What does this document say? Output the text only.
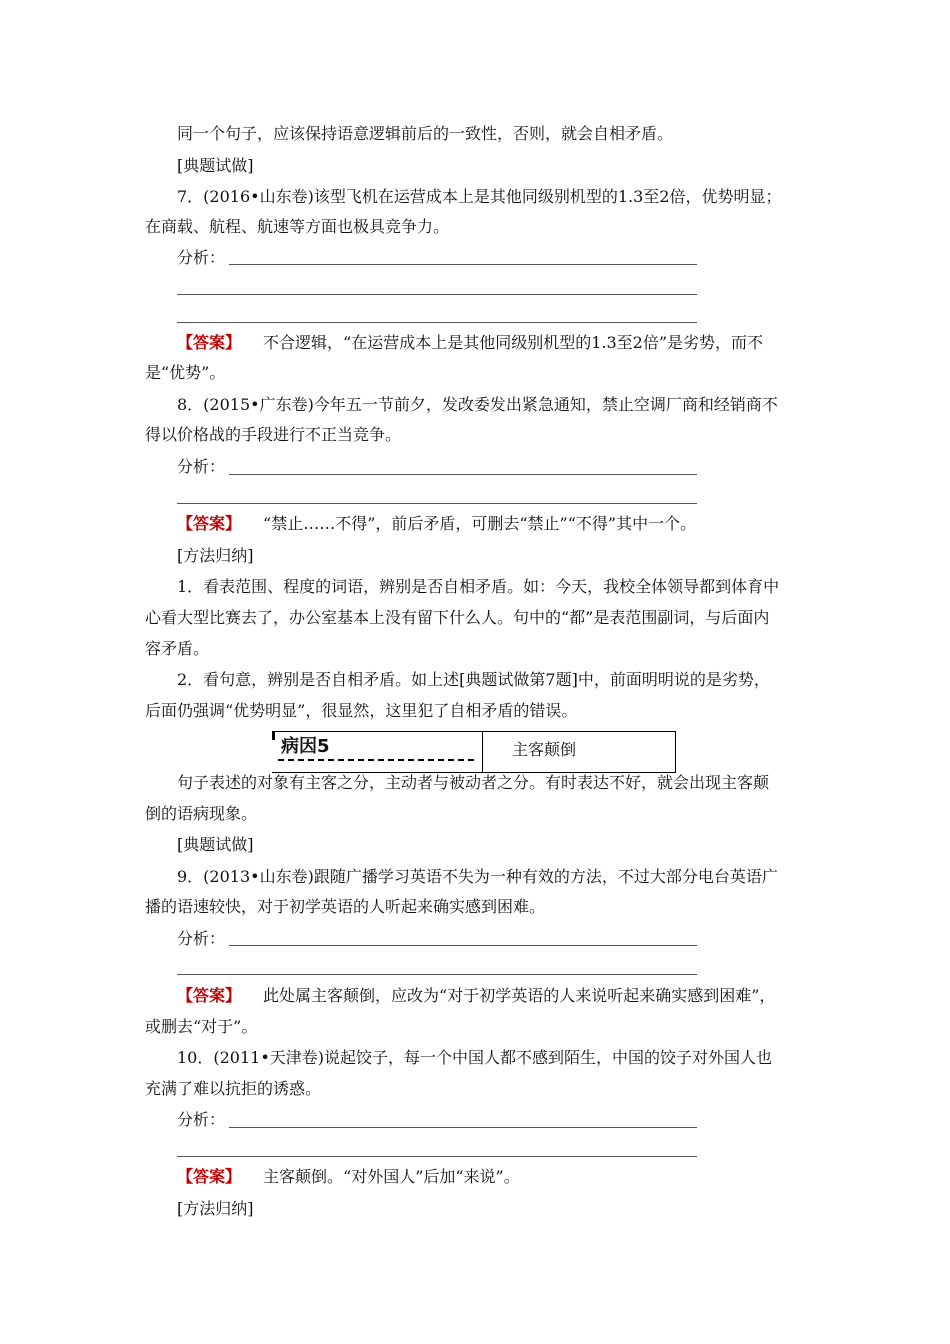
同一个句子，应该保持语意逻辑前后的一致性，否则，就会自相矛盾。
[典题试做]
7．(2016•山东卷)该型飞机在运营成本上是其他同级别机型的1.3至2倍，优势明显；
在商载、航程、航速等方面也极具竞争力。
分析：
【答案】 不合逻辑，“在运营成本上是其他同级别机型的1.3至2倍”是劣势，而不
是“优势”。
8．(2015•广东卷)今年五一节前夕，发改委发出紧急通知，禁止空调厂商和经销商不
得以价格战的手段进行不正当竞争。
分析：
【答案】 “禁止……不得”，前后矛盾，可删去“禁止”“不得”其中一个。
[方法归纳]
1．看表范围、程度的词语，辨别是否自相矛盾。如：今天，我校全体领导都到体育中
心看大型比赛去了，办公室基本上没有留下什么人。句中的“都”是表范围副词，与后面内
容矛盾。
2．看句意，辨别是否自相矛盾。如上述[典题试做第7题]中，前面明明说的是劣势，
后面仍强调“优势明显”，很显然，这里犯了自相矛盾的错误。
病因5	主客颠倒
句子表述的对象有主客之分，主动者与被动者之分。有时表达不好，就会出现主客颠
倒的语病现象。
[典题试做]
9．(2013•山东卷)跟随广播学习英语不失为一种有效的方法，不过大部分电台英语广
播的语速较快，对于初学英语的人听起来确实感到困难。
分析：
【答案】 此处属主客颠倒，应改为“对于初学英语的人来说听起来确实感到困难”，
或删去“对于”。
10．(2011•天津卷)说起饺子，每一个中国人都不感到陌生，中国的饺子对外国人也
充满了难以抗拒的诱惑。
分析：
【答案】 主客颠倒。“对外国人”后加“来说”。
[方法归纳]
